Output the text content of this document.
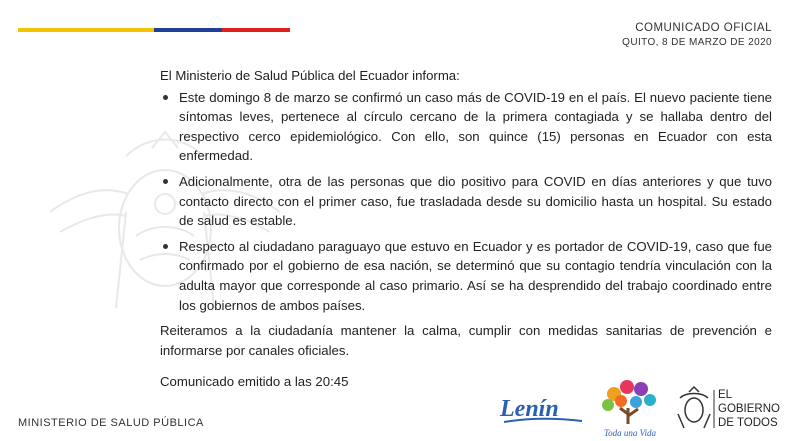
COMUNICADO OFICIAL
QUITO, 8 DE MARZO DE 2020

El Ministerio de Salud Pública del Ecuador informa:

Este domingo 8 de marzo se confirmó un caso más de COVID-19 en el país. El nuevo paciente tiene síntomas leves, pertenece al círculo cercano de la primera contagiada y se hallaba dentro del respectivo cerco epidemiológico. Con ello, son quince (15) personas en Ecuador con esta enfermedad.
Adicionalmente, otra de las personas que dio positivo para COVID en días anteriores y que tuvo contacto directo con el primer caso, fue trasladada desde su domicilio hasta un hospital. Su estado de salud es estable.
Respecto al ciudadano paraguayo que estuvo en Ecuador y es portador de COVID-19, caso que fue confirmado por el gobierno de esa nación, se determinó que su contagio tendría vinculación con la adulta mayor que corresponde al caso primario. Así se ha desprendido del trabajo coordinado entre los gobiernos de ambos países.

Reiteramos a la ciudadanía mantener la calma, cumplir con medidas sanitarias de prevención e informarse por canales oficiales.

Comunicado emitido a las 20:45

MINISTERIO DE SALUD PÚBLICA
Lenín
Toda una Vida
EL
GOBIERNO
DE TODOS
